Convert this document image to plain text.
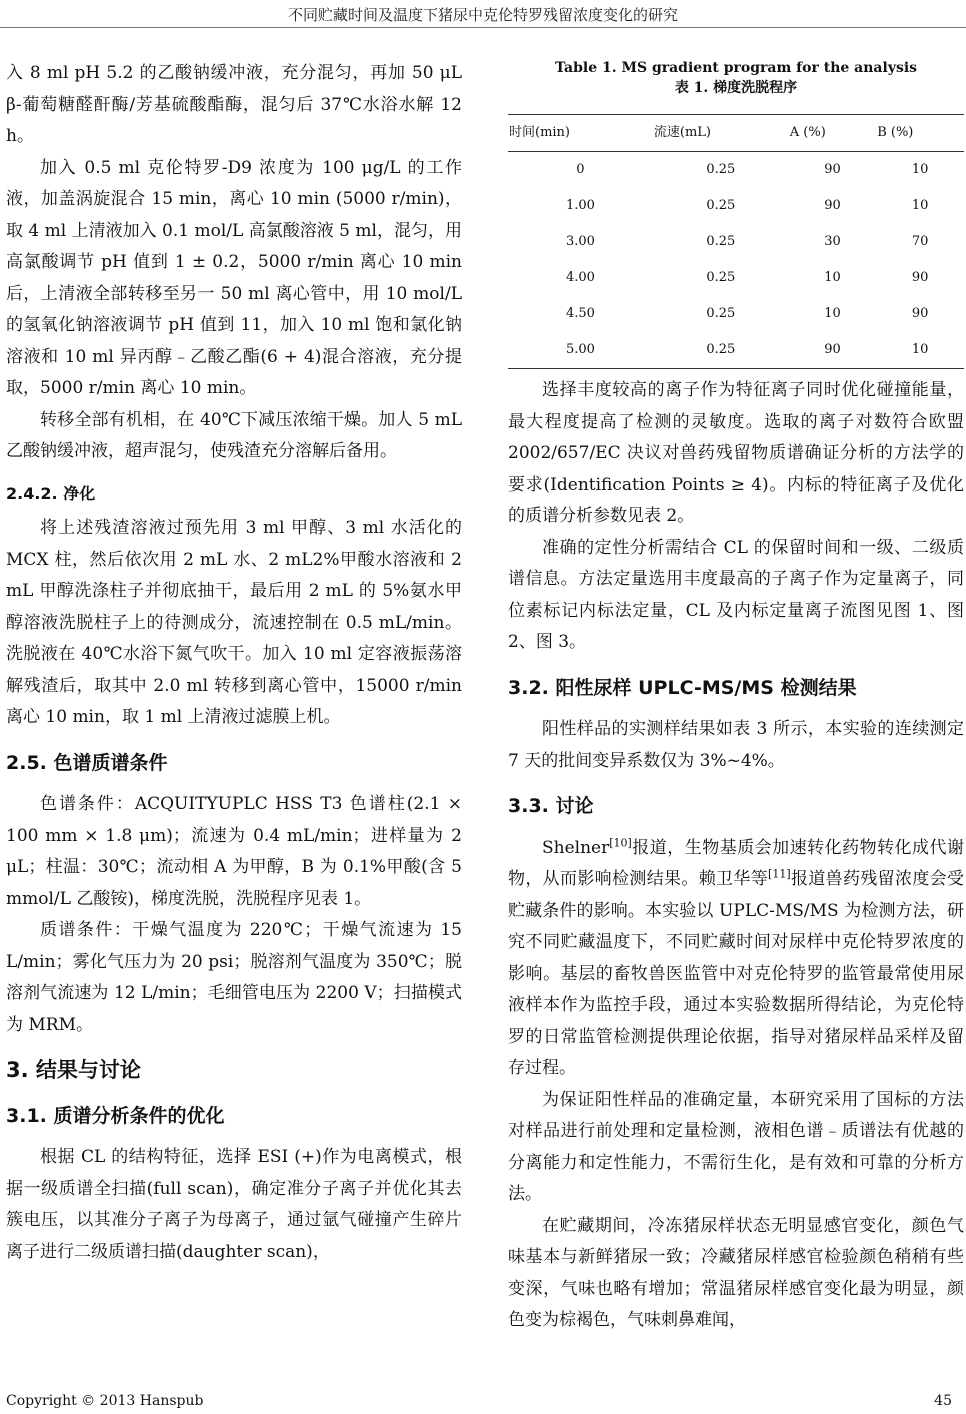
不同贮藏时间及温度下猪尿中克伦特罗残留浓度变化的研究

入 8 ml pH 5.2 的乙酸钠缓冲液，充分混匀，再加 50 μL β-葡萄糖醛酐酶/芳基硫酸酯酶，混匀后 37℃水浴水解 12 h。

加入 0.5 ml 克伦特罗-D9 浓度为 100 μg/L 的工作液，加盖涡旋混合 15 min，离心 10 min (5000 r/min)，取 4 ml 上清液加入 0.1 mol/L 高氯酸溶液 5 ml，混匀，用高氯酸调节 pH 值到 1 ± 0.2，5000 r/min 离心 10 min 后，上清液全部转移至另一 50 ml 离心管中，用 10 mol/L 的氢氧化钠溶液调节 pH 值到 11，加入 10 ml 饱和氯化钠溶液和 10 ml 异丙醇﹣乙酸乙酯(6 + 4)混合溶液，充分提取，5000 r/min 离心 10 min。

转移全部有机相，在 40℃下减压浓缩干燥。加人 5 mL 乙酸钠缓冲液，超声混匀，使残渣充分溶解后备用。

2.4.2. 净化

将上述残渣溶液过预先用 3 ml 甲醇、3 ml 水活化的 MCX 柱，然后依次用 2 mL 水、2 mL2%甲酸水溶液和 2 mL 甲醇洗涤柱子并彻底抽干，最后用 2 mL 的 5%氨水甲醇溶液洗脱柱子上的待测成分，流速控制在 0.5 mL/min。洗脱液在 40℃水浴下氮气吹干。加入 10 ml 定容液振荡溶解残渣后，取其中 2.0 ml 转移到离心管中，15000 r/min 离心 10 min，取 1 ml 上清液过滤膜上机。

2.5. 色谱质谱条件

色谱条件：ACQUITYUPLC HSS T3 色谱柱(2.1 × 100 mm × 1.8 μm)；流速为 0.4 mL/min；进样量为 2 μL；柱温：30℃；流动相 A 为甲醇，B 为 0.1%甲酸(含 5 mmol/L 乙酸铵)，梯度洗脱，洗脱程序见表 1。

质谱条件：干燥气温度为 220℃；干燥气流速为 15 L/min；雾化气压力为 20 psi；脱溶剂气温度为 350℃；脱溶剂气流速为 12 L/min；毛细管电压为 2200 V；扫描模式为 MRM。

3. 结果与讨论
3.1. 质谱分析条件的优化

根据 CL 的结构特征，选择 ESI (+)作为电离模式，根据一级质谱全扫描(full scan)，确定准分子离子并优化其去簇电压，以其准分子离子为母离子，通过氩气碰撞产生碎片离子进行二级质谱扫描(daughter scan)，

Table 1. MS gradient program for the analysis
表 1. 梯度洗脱程序
时间(min)	流速(mL)	A (%)	B (%)
0	0.25	90	10
1.00	0.25	90	10
3.00	0.25	30	70
4.00	0.25	10	90
4.50	0.25	10	90
5.00	0.25	90	10

选择丰度较高的离子作为特征离子同时优化碰撞能量，最大程度提高了检测的灵敏度。选取的离子对数符合欧盟 2002/657/EC 决议对兽药残留物质谱确证分析的方法学的要求(Identification Points ≥ 4)。内标的特征离子及优化的质谱分析参数见表 2。

准确的定性分析需结合 CL 的保留时间和一级、二级质谱信息。方法定量选用丰度最高的子离子作为定量离子，同位素标记内标法定量，CL 及内标定量离子流图见图 1、图 2、图 3。

3.2. 阳性尿样 UPLC-MS/MS 检测结果

阳性样品的实测样结果如表 3 所示，本实验的连续测定 7 天的批间变异系数仅为 3%~4%。

3.3. 讨论

Shelner[10]报道，生物基质会加速转化药物转化成代谢物，从而影响检测结果。赖卫华等[11]报道兽药残留浓度会受贮藏条件的影响。本实验以 UPLC-MS/MS 为检测方法，研究不同贮藏温度下，不同贮藏时间对尿样中克伦特罗浓度的影响。基层的畜牧兽医监管中对克伦特罗的监管最常使用尿液样本作为监控手段，通过本实验数据所得结论，为克伦特罗的日常监管检测提供理论依据，指导对猪尿样品采样及留存过程。

为保证阳性样品的准确定量，本研究采用了国标的方法对样品进行前处理和定量检测，液相色谱﹣质谱法有优越的分离能力和定性能力，不需衍生化，是有效和可靠的分析方法。

在贮藏期间，冷冻猪尿样状态无明显感官变化，颜色气味基本与新鲜猪尿一致；冷藏猪尿样感官检验颜色稍稍有些变深，气味也略有增加；常温猪尿样感官变化最为明显，颜色变为棕褐色，气味刺鼻难闻，

Copyright © 2013 Hanspub	45
